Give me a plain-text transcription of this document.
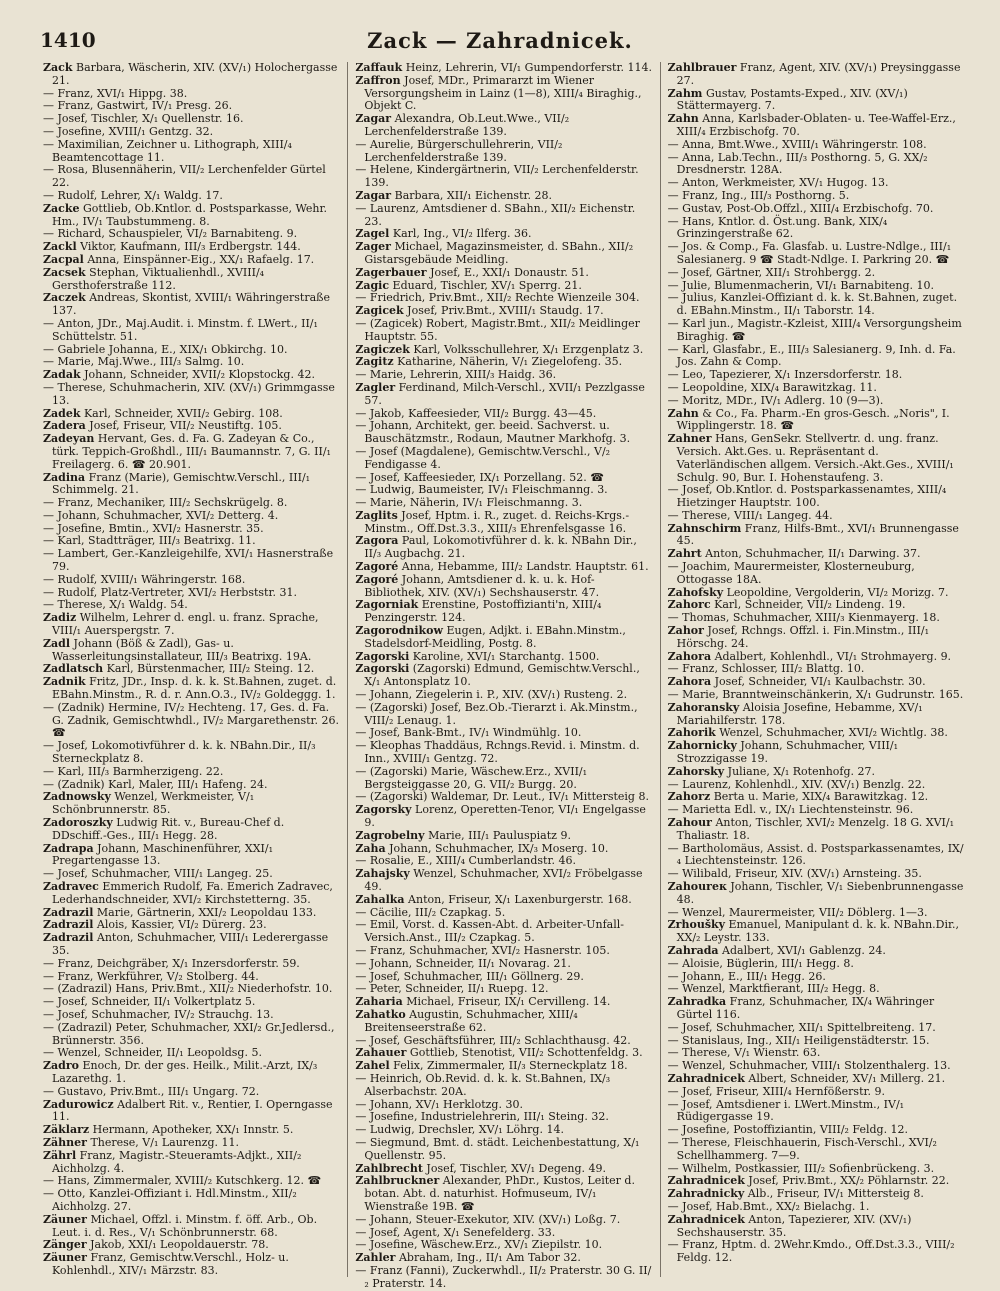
1410	Zack — Zahradnicek.

Zack Barbara, Wäscherin, XIV. (XV/₁) Holochergasse 21.

— Franz, XVI/₁ Hippg. 38.

— Franz, Gastwirt, IV/₁ Presg. 26.

— Josef, Tischler, X/₁ Quellenstr. 16.

— Josefine, XVIII/₁ Gentzg. 32.

— Maximilian, Zeichner u. Lithograph, XIII/₄ Beamtencottage 11.

— Rosa, Blusennäherin, VII/₂ Lerchenfelder Gürtel 22.

— Rudolf, Lehrer, X/₁ Waldg. 17.

Zacke Gottlieb, Ob.Kntlor. d. Postsparkasse, Wehr. Hm., IV/₁ Taubstummeng. 8.

— Richard, Schauspieler, VI/₂ Barnabiteng. 9.

Zackl Viktor, Kaufmann, III/₃ Erdbergstr. 144.

Zacpal Anna, Einspänner-Eig., XX/₁ Rafaelg. 17.

Zacsek Stephan, Viktualienhdl., XVIII/₄ Gersthoferstraße 112.

Zaczek Andreas, Skontist, XVIII/₁ Währingerstraße 137.

— Anton, JDr., Maj.Audit. i. Minstm. f. LWert., II/₁ Schüttelstr. 51.

— Gabriele Johanna, E., XIX/₁ Obkirchg. 10.

— Marie, Maj.Wwe., III/₃ Salmg. 10.

Zadak Johann, Schneider, XVII/₂ Klopstockg. 42.

— Therese, Schuhmacherin, XIV. (XV/₁) Grimmgasse 13.

Zadek Karl, Schneider, XVII/₂ Gebirg. 108.

Zadera Josef, Friseur, VII/₂ Neustiftg. 105.

Zadeyan Hervant, Ges. d. Fa. G. Zadeyan & Co., türk. Teppich-Großhdl., III/₁ Baumannstr. 7, G. II/₁ Freilagerg. 6. ☎ 20.901.

Zadina Franz (Marie), Gemischtw.Verschl., III/₁ Schimmelg. 21.

— Franz, Mechaniker, III/₂ Sechskrügelg. 8.

— Johann, Schuhmacher, XVI/₂ Detterg. 4.

— Josefine, Bmtin., XVI/₂ Hasnerstr. 35.

— Karl, Stadtträger, III/₃ Beatrixg. 11.

— Lambert, Ger.-Kanzleigehilfe, XVI/₁ Hasnerstraße 79.

— Rudolf, XVIII/₁ Währingerstr. 168.

— Rudolf, Platz-Vertreter, XVI/₂ Herbststr. 31.

— Therese, X/₁ Waldg. 54.

Zadiz Wilhelm, Lehrer d. engl. u. franz. Sprache, VIII/₁ Auerspergstr. 7.

Zadl Johann (Böß & Zadl), Gas- u. Wasserleitungsinstallateur, III/₃ Beatrixg. 19A.

Zadlatsch Karl, Bürstenmacher, III/₂ Steing. 12.

Zadnik Fritz, JDr., Insp. d. k. k. St.Bahnen, zuget. d. EBahn.Minstm., R. d. r. Ann.O.3., IV/₂ Goldeggg. 1.

— (Zadnik) Hermine, IV/₂ Hechteng. 17, Ges. d. Fa. G. Zadnik, Gemischtwhdl., IV/₂ Margarethenstr. 26. ☎

— Josef, Lokomotivführer d. k. k. NBahn.Dir., II/₃ Sterneckplatz 8.

— Karl, III/₃ Barmherzigeng. 22.

— (Zadnik) Karl, Maler, III/₁ Hafeng. 24.

Zadnowsky Wenzel, Werkmeister, V/₁ Schönbrunnerstr. 85.

Zadoroszky Ludwig Rit. v., Bureau-Chef d. DDschiff.-Ges., III/₁ Hegg. 28.

Zadrapa Johann, Maschinenführer, XXI/₁ Pregartengasse 13.

— Josef, Schuhmacher, VIII/₁ Langeg. 25.

Zadravec Emmerich Rudolf, Fa. Emerich Zadravec, Lederhandschneider, XVI/₂ Kirchstetterng. 35.

Zadrazil Marie, Gärtnerin, XXI/₂ Leopoldau 133.

Zadrazil Alois, Kassier, VI/₂ Dürerg. 23.

Zadrazil Anton, Schuhmacher, VIII/₁ Lederergasse 35.

— Franz, Deichgräber, X/₁ Inzersdorferstr. 59.

— Franz, Werkführer, V/₂ Stolberg. 44.

— (Zadrazil) Hans, Priv.Bmt., XII/₂ Niederhofstr. 10.

— Josef, Schneider, II/₁ Volkertplatz 5.

— Josef, Schuhmacher, IV/₂ Strauchg. 13.

— (Zadrazil) Peter, Schuhmacher, XXI/₂ Gr.Jedlersd., Brünnerstr. 356.

— Wenzel, Schneider, II/₁ Leopoldsg. 5.

Zadro Enoch, Dr. der ges. Heilk., Milit.-Arzt, IX/₃ Lazarethg. 1.

— Gustavo, Priv.Bmt., III/₁ Ungarg. 72.

Zadurowicz Adalbert Rit. v., Rentier, I. Operngasse 11.

Zäklarz Hermann, Apotheker, XX/₁ Innstr. 5.

Zähner Therese, V/₁ Laurenzg. 11.

Zährl Franz, Magistr.-Steueramts-Adjkt., XII/₂ Aichholzg. 4.

— Hans, Zimmermaler, XVIII/₂ Kutschkerg. 12. ☎

— Otto, Kanzlei-Offiziant i. Hdl.Minstm., XII/₂ Aichholzg. 27.

Zäuner Michael, Offzl. i. Minstm. f. öff. Arb., Ob. Leut. i. d. Res., V/₁ Schönbrunnerstr. 68.

Zänger Jakob, XXI/₁ Leopoldauerstr. 78.

Zäuner Franz, Gemischtw.Verschl., Holz- u. Kohlenhdl., XIV/₁ Märzstr. 83.

Zaffauk Heinz, Lehrerin, VI/₁ Gumpendorferstr. 114.

Zaffron Josef, MDr., Primararzt im Wiener Versorgungsheim in Lainz (1—8), XIII/₄ Biraghig., Objekt C.

Zagar Alexandra, Ob.Leut.Wwe., VII/₂ Lerchenfelderstraße 139.

— Aurelie, Bürgerschullehrerin, VII/₂ Lerchenfelderstraße 139.

— Helene, Kindergärtnerin, VII/₂ Lerchenfelderstr. 139.

Zagar Barbara, XII/₁ Eichenstr. 28.

— Laurenz, Amtsdiener d. SBahn., XII/₂ Eichenstr. 23.

Zagel Karl, Ing., VI/₂ Ilferg. 36.

Zager Michael, Magazinsmeister, d. SBahn., XII/₂ Gistarsgebäude Meidling.

Zagerbauer Josef, E., XXI/₁ Donaustr. 51.

Zagic Eduard, Tischler, XV/₁ Sperrg. 21.

— Friedrich, Priv.Bmt., XII/₂ Rechte Wienzeile 304.

Zagicek Josef, Priv.Bmt., XVIII/₁ Staudg. 17.

— (Zagicek) Robert, Magistr.Bmt., XII/₂ Meidlinger Hauptstr. 55.

Zagiczek Karl, Volksschullehrer, X/₁ Erzgenplatz 3.

Zagitz Katharine, Näherin, V/₁ Ziegelofeng. 35.

— Marie, Lehrerin, XIII/₃ Haidg. 36.

Zagler Ferdinand, Milch-Verschl., XVII/₁ Pezzlgasse 57.

— Jakob, Kaffeesieder, VII/₂ Burgg. 43—45.

— Johann, Architekt, ger. beeid. Sachverst. u. Bauschätzmstr., Rodaun, Mautner Markhofg. 3.

— Josef (Magdalene), Gemischtw.Verschl., V/₂ Fendigasse 4.

— Josef, Kaffeesieder, IX/₁ Porzellang. 52. ☎

— Ludwig, Baumeister, IV/₁ Fleischmanng. 3.

— Marie, Näherin, IV/₁ Fleischmanng. 3.

Zaglits Josef, Hptm. i. R., zuget. d. Reichs-Krgs.-Minstm., Off.Dst.3.3., XIII/₃ Ehrenfelsgasse 16.

Zagora Paul, Lokomotivführer d. k. k. NBahn Dir., II/₃ Augbachg. 21.

Zagoré Anna, Hebamme, III/₂ Landstr. Hauptstr. 61.

Zagoré Johann, Amtsdiener d. k. u. k. Hof-Bibliothek, XIV. (XV/₁) Sechshauserstr. 47.

Zagorniak Erenstine, Postoffizianti'n, XIII/₄ Penzingerstr. 124.

Zagorodnikow Eugen, Adjkt. i. EBahn.Minstm., Stadelsdorf-Meidling, Postg. 8.

Zagorski Karoline, XVI/₁ Starchantg. 1500.

Zagorski (Zagorski) Edmund, Gemischtw.Verschl., X/₁ Antonsplatz 10.

— Johann, Ziegelerin i. P., XIV. (XV/₁) Rusteng. 2.

— (Zagorski) Josef, Bez.Ob.-Tierarzt i. Ak.Minstm., VIII/₂ Lenaug. 1.

— Josef, Bank-Bmt., IV/₁ Windmühlg. 10.

— Kleophas Thaddäus, Rchngs.Revid. i. Minstm. d. Inn., XVIII/₁ Gentzg. 72.

— (Zagorski) Marie, Wäschew.Erz., XVII/₁ Bergsteiggasse 20, G. VII/₂ Burgg. 20.

— (Zagorski) Waldemar, Dr. Leut., IV/₁ Mittersteig 8.

Zagorsky Lorenz, Operetten-Tenor, VI/₁ Engelgasse 9.

Zagrobelny Marie, III/₁ Pauluspiatz 9.

Zaha Johann, Schuhmacher, IX/₃ Moserg. 10.

— Rosalie, E., XIII/₄ Cumberlandstr. 46.

Zahajsky Wenzel, Schuhmacher, XVI/₂ Fröbelgasse 49.

Zahalka Anton, Friseur, X/₁ Laxenburgerstr. 168.

— Cäcilie, III/₂ Czapkag. 5.

— Emil, Vorst. d. Kassen-Abt. d. Arbeiter-Unfall-Versich.Anst., III/₂ Czapkag. 5.

— Franz, Schuhmacher, XVI/₂ Hasnerstr. 105.

— Johann, Schneider, II/₁ Novarag. 21.

— Josef, Schuhmacher, III/₁ Göllnerg. 29.

— Peter, Schneider, II/₁ Ruepg. 12.

Zaharia Michael, Friseur, IX/₁ Cervilleng. 14.

Zahatko Augustin, Schuhmacher, XIII/₄ Breitenseerstraße 62.

— Josef, Geschäftsführer, III/₂ Schlachthausg. 42.

Zahauer Gottlieb, Stenotist, VII/₂ Schottenfeldg. 3.

Zahel Felix, Zimmermaler, II/₃ Sterneckplatz 18.

— Heinrich, Ob.Revid. d. k. k. St.Bahnen, IX/₃ Alserbachstr. 20A.

— Johann, XV/₁ Herklotzg. 30.

— Josefine, Industrielehrerin, III/₁ Steing. 32.

— Ludwig, Drechsler, XV/₁ Löhrg. 14.

— Siegmund, Bmt. d. städt. Leichenbestattung, X/₁ Quellenstr. 95.

Zahlbrecht Josef, Tischler, XV/₁ Degeng. 49.

Zahlbruckner Alexander, PhDr., Kustos, Leiter d. botan. Abt. d. naturhist. Hofmuseum, IV/₁ Wienstraße 19B. ☎

— Johann, Steuer-Exekutor, XIV. (XV/₁) Loßg. 7.

— Josef, Agent, X/₁ Senefelderg. 33.

— Josefine, Wäschew.Erz., XV/₁ Ziepilstr. 10.

Zahler Abraham, Ing., II/₁ Am Tabor 32.

— Franz (Fanni), Zuckerwhdl., II/₂ Praterstr. 30 G. II/₂ Praterstr. 14.

Zahlbrauer Franz, Agent, XIV. (XV/₁) Preysinggasse 27.

Zahm Gustav, Postamts-Exped., XIV. (XV/₁) Stättermayerg. 7.

Zahn Anna, Karlsbader-Oblaten- u. Tee-Waffel-Erz., XIII/₄ Erzbischofg. 70.

— Anna, Bmt.Wwe., XVIII/₁ Währingerstr. 108.

— Anna, Lab.Techn., III/₃ Posthorng. 5, G. XX/₂ Dresdnerstr. 128A.

— Anton, Werkmeister, XV/₁ Hugog. 13.

— Franz, Ing., III/₃ Posthorng. 5.

— Gustav, Post-Ob.Offzl., XIII/₄ Erzbischofg. 70.

— Hans, Kntlor. d. Öst.ung. Bank, XIX/₄ Grinzingerstraße 62.

— Jos. & Comp., Fa. Glasfab. u. Lustre-Ndlge., III/₁ Salesianerg. 9 ☎ Stadt-Ndlge. I. Parkring 20. ☎

— Josef, Gärtner, XII/₁ Strohbergg. 2.

— Julie, Blumenmacherin, VI/₁ Barnabiteng. 10.

— Julius, Kanzlei-Offiziant d. k. k. St.Bahnen, zuget. d. EBahn.Minstm., II/₁ Taborstr. 14.

— Karl jun., Magistr.-Kzleist, XIII/₄ Versorgungsheim Biraghig. ☎

— Karl, Glasfabr., E., III/₃ Salesianerg. 9, Inh. d. Fa. Jos. Zahn & Comp.

— Leo, Tapezierer, X/₁ Inzersdorferstr. 18.

— Leopoldine, XIX/₄ Barawitzkag. 11.

— Moritz, MDr., IV/₁ Adlerg. 10 (9—3).

Zahn & Co., Fa. Pharm.-En gros-Gesch. „Noris", I. Wipplingerstr. 18. ☎

Zahner Hans, GenSekr. Stellvertr. d. ung. franz. Versich. Akt.Ges. u. Repräsentant d. Vaterländischen allgem. Versich.-Akt.Ges., XVIII/₁ Schulg. 90, Bur. I. Hohenstaufeng. 3.

— Josef, Ob.Kntlor. d. Postsparkassenamtes, XIII/₄ Hietzinger Hauptstr. 100.

— Therese, VIII/₁ Langeg. 44.

Zahnschirm Franz, Hilfs-Bmt., XVI/₁ Brunnengasse 45.

Zahrt Anton, Schuhmacher, II/₁ Darwing. 37.

— Joachim, Maurermeister, Klosterneuburg, Ottogasse 18A.

Zahofsky Leopoldine, Vergolderin, VI/₂ Morizg. 7.

Zahorc Karl, Schneider, VII/₂ Lindeng. 19.

— Thomas, Schuhmacher, XIII/₃ Kienmayerg. 18.

Zahor Josef, Rchngs. Offzl. i. Fin.Minstm., III/₁ Hörschg. 24.

Zahora Adalbert, Kohlenhdl., VI/₁ Strohmayerg. 9.

— Franz, Schlosser, III/₂ Blattg. 10.

Zahora Josef, Schneider, VI/₁ Kaulbachstr. 30.

— Marie, Branntweinschänkerin, X/₁ Gudrunstr. 165.

Zahoransky Aloisia Josefine, Hebamme, XV/₁ Mariahilferstr. 178.

Zahorik Wenzel, Schuhmacher, XVI/₂ Wichtlg. 38.

Zahornicky Johann, Schuhmacher, VIII/₁ Strozzigasse 19.

Zahorsky Juliane, X/₁ Rotenhofg. 27.

— Laurenz, Kohlenhdl., XIV. (XV/₁) Benzlg. 22.

Zahorz Berta u. Marie, XIX/₄ Barawitzkag. 12.

— Marietta Edl. v., IX/₁ Liechtensteinstr. 96.

Zahour Anton, Tischler, XVI/₂ Menzelg. 18 G. XVI/₁ Thaliastr. 18.

— Bartholomäus, Assist. d. Postsparkassenamtes, IX/₄ Liechtensteinstr. 126.

— Wilibald, Friseur, XIV. (XV/₁) Arnsteing. 35.

Zahoureк Johann, Tischler, V/₁ Siebenbrunnengasse 48.

— Wenzel, Maurermeister, VII/₂ Döblerg. 1—3.

Zrhoušky Emanuel, Manipulant d. k. k. NBahn.Dir., XX/₂ Leystr. 133.

Zahrada Adalbert, XVI/₁ Gablenzg. 24.

— Aloisie, Büglerin, III/₁ Hegg. 8.

— Johann, E., III/₁ Hegg. 26.

— Wenzel, Marktfierant, III/₂ Hegg. 8.

Zahradka Franz, Schuhmacher, IX/₄ Währinger Gürtel 116.

— Josef, Schuhmacher, XII/₁ Spittelbreiteng. 17.

— Stanislaus, Ing., XII/₁ Heiligenstädterstr. 15.

— Therese, V/₁ Wienstr. 63.

— Wenzel, Schuhmacher, VIII/₁ Stolzenthalerg. 13.

Zahradnicek Albert, Schneider, XV/₁ Millerg. 21.

— Josef, Friseur, XIII/₄ Hernfößerstr. 9.

— Josef, Amtsdiener i. LWert.Minstm., IV/₁ Rüdigergasse 19.

— Josefine, Postoffiziantin, VIII/₂ Feldg. 12.

— Therese, Fleischhauerin, Fisch-Verschl., XVI/₂ Schellhammerg. 7—9.

— Wilhelm, Postkassier, III/₂ Sofienbrückeng. 3.

Zahradnicek Josef, Priv.Bmt., XX/₂ Pöhlarnstr. 22.

Zahradnicky Alb., Friseur, IV/₁ Mittersteig 8.

— Josef, Hab.Bmt., XX/₂ Bielachg. 1.

Zahradnicek Anton, Tapezierer, XIV. (XV/₁) Sechshauserstr. 35.

— Franz, Hptm. d. 2Wehr.Kmdo., Off.Dst.3.3., VIII/₂ Feldg. 12.
